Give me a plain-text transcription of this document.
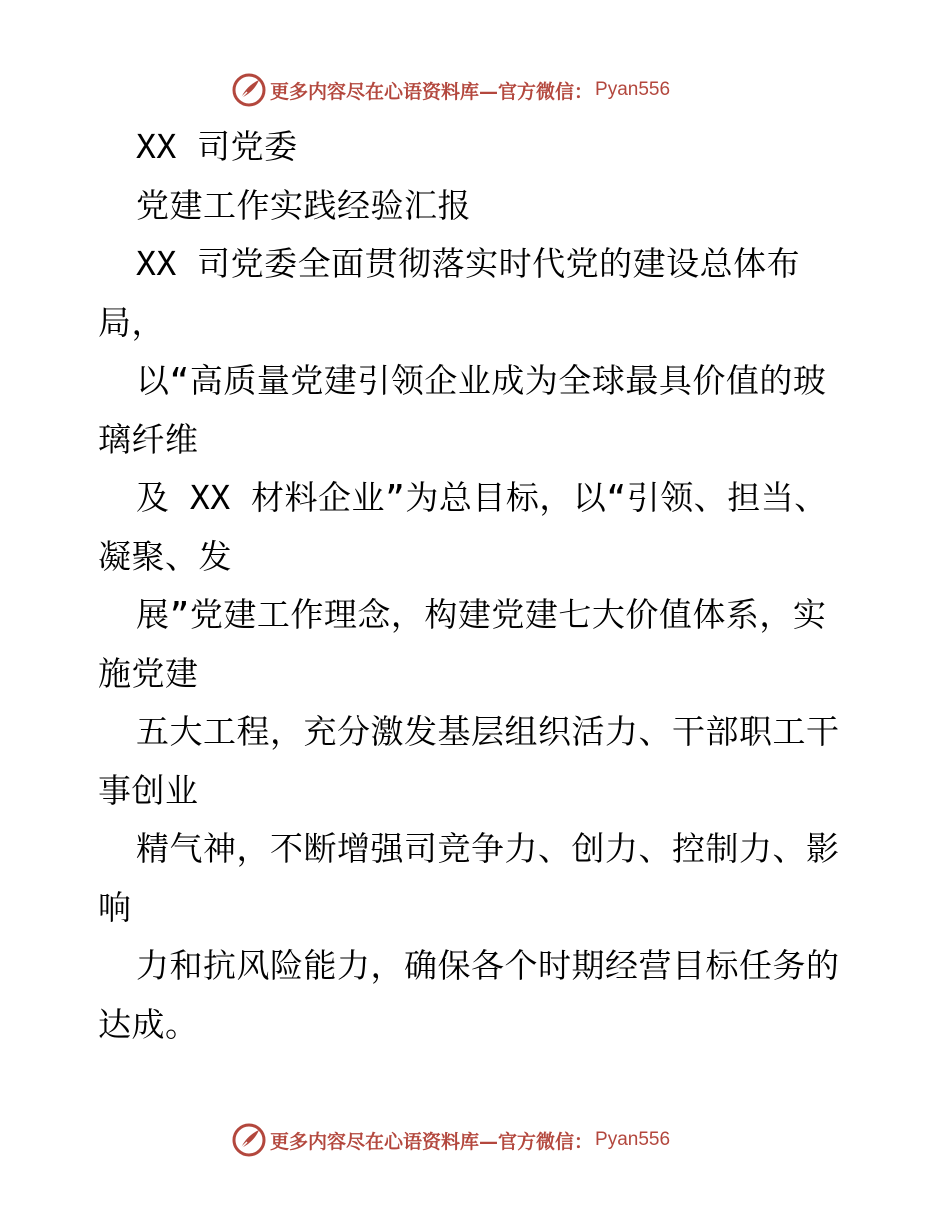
更多内容尽在心语资料库—官方微信： Pyan556
XX 司党委
党建工作实践经验汇报
XX 司党委全面贯彻落实时代党的建设总体布
局，
以“高质量党建引领企业成为全球最具价值的玻
璃纤维
及 XX 材料企业”为总目标，以“引领、担当、
凝聚、发
展”党建工作理念，构建党建七大价值体系，实
施党建
五大工程，充分激发基层组织活力、干部职工干
事创业
精气神，不断增强司竞争力、创力、控制力、影
响
力和抗风险能力，确保各个时期经营目标任务的
达成。
更多内容尽在心语资料库—官方微信： Pyan556
